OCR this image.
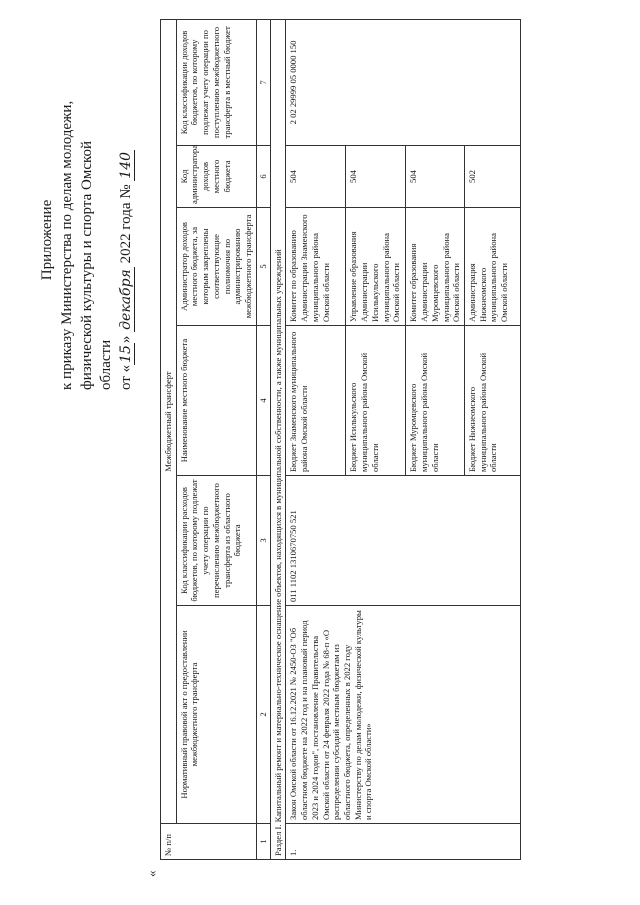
Приложение к приказу Министерства по делам молодежи, физической культуры и спорта Омской области от «15» декабря 2022 года № 140
«
№ п/п	Межбюджетный трансферт					
	Нормативный правовой акт о предоставлении межбюджетного трансферта	Код классификации расходов бюджетов, по которому подлежат учету операции по перечислению межбюджетного трансферта из областного бюджета	Наименование местного бюджета	Администратор доходов местного бюджета, за которым закреплены соответствующие полномочия по администрированию межбюджетного трансферта	Код администратора доходов местного бюджета	Код классификации доходов бюджетов, по которому подлежат учету операции по поступлению межбюджетного трансферта в местный бюджет
1	2	3	4	5	6	7
Раздел I. Капитальный ремонт и материально-техническое оснащение объектов, находящихся в муниципальной собственности, а также муниципальных учреждений						
1.	Закон Омской области от 16.12.2021 № 2450-ОЗ "Об областном бюджете на 2022 год и на плановый период 2023 и 2024 годов", постановление Правительства Омской области от 24 февраля 2022 года № 68-п «О распределении субсидий местным бюджетам из областного бюджета, определенных в 2022 году Министерству по делам молодежи, физической культуры и спорта Омской области»	011 1102 1310670750 521	Бюджет Знаменского муниципального района Омской области	Комитет по образованию Администрации Знаменского муниципального района Омской области	504	2 02 29999 05 0000 150
			Бюджет Исилькульского муниципального района Омской области	Управление образования Администрации Исилькульского муниципального района Омской области	504	
			Бюджет Муромцевского муниципального района Омской области	Комитет образования Администрации Муромцевского муниципального района Омской области	504	
			Бюджет Нижнеомского муниципального района Омской области	Администрация Нижнеомского муниципального района Омской области	502	
